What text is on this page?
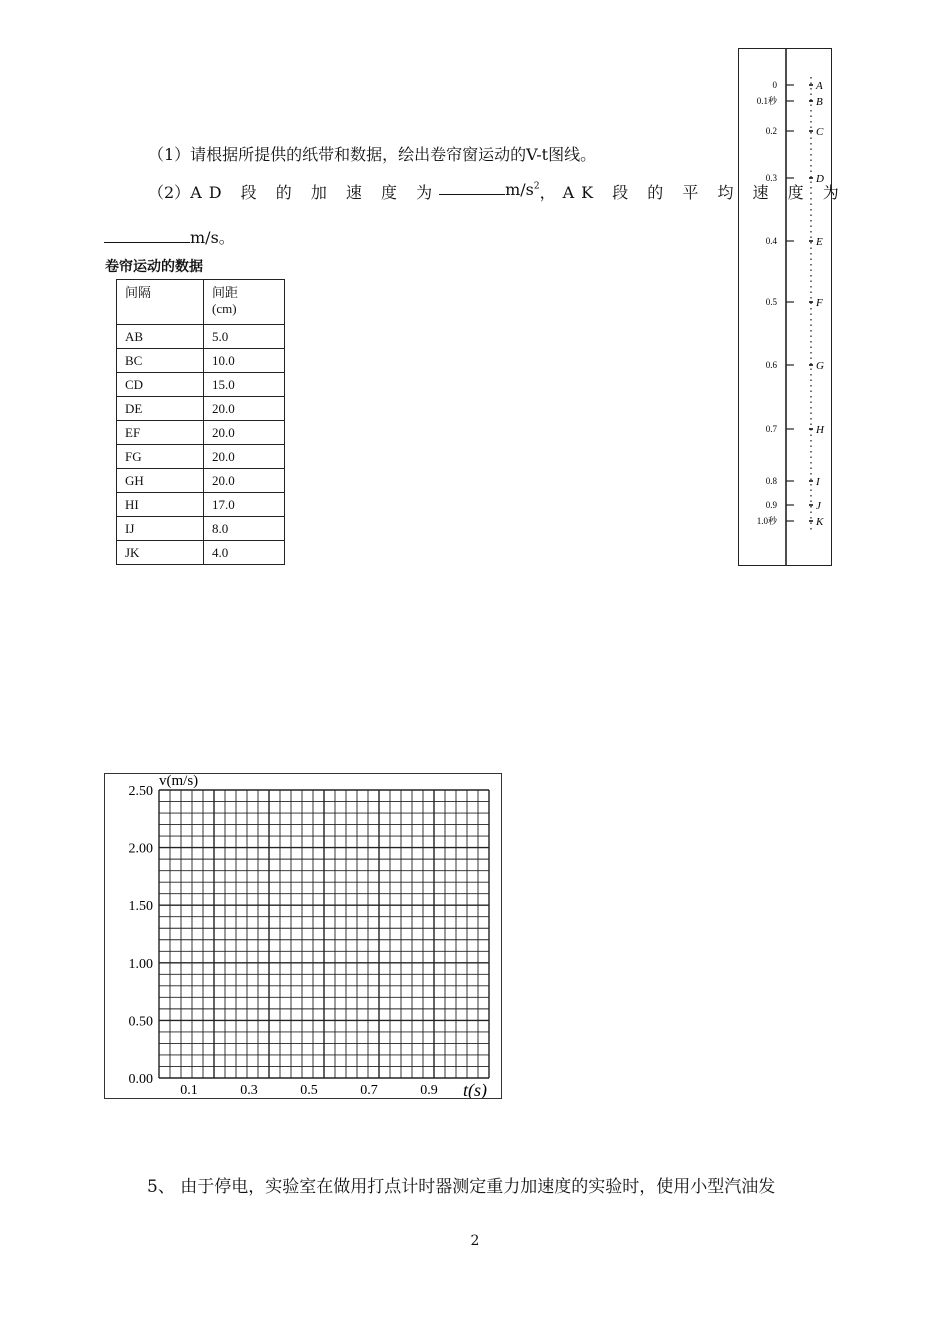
（1）请根据所提供的纸带和数据，绘出卷帘窗运动的V-t图线。
（2） AD 段 的 加 速 度 为	$m/s^2$ ，AK 段 的 平 均 速 度 为
m/s。
卷帘运动的数据
间隔	间距
(cm)
AB	5.0
BC	10.0
CD	15.0
DE	20.0
EF	20.0
FG	20.0
GH	20.0
HI	17.0
IJ	8.0
JK	4.0
0	A
0.1秒	B
0.2	C
0.3	D
0.4	E
0.5	F
0.6	G
0.7	H
0.8	I
0.9	J
1.0秒	K
2.50
2.00
1.50
1.00
0.50
0.00
0.1	0.3	0.5	0.7	0.9
v(m/s)
t(s)
5、 由于停电，实验室在做用打点计时器测定重力加速度的实验时，使用小型汽油发
2
